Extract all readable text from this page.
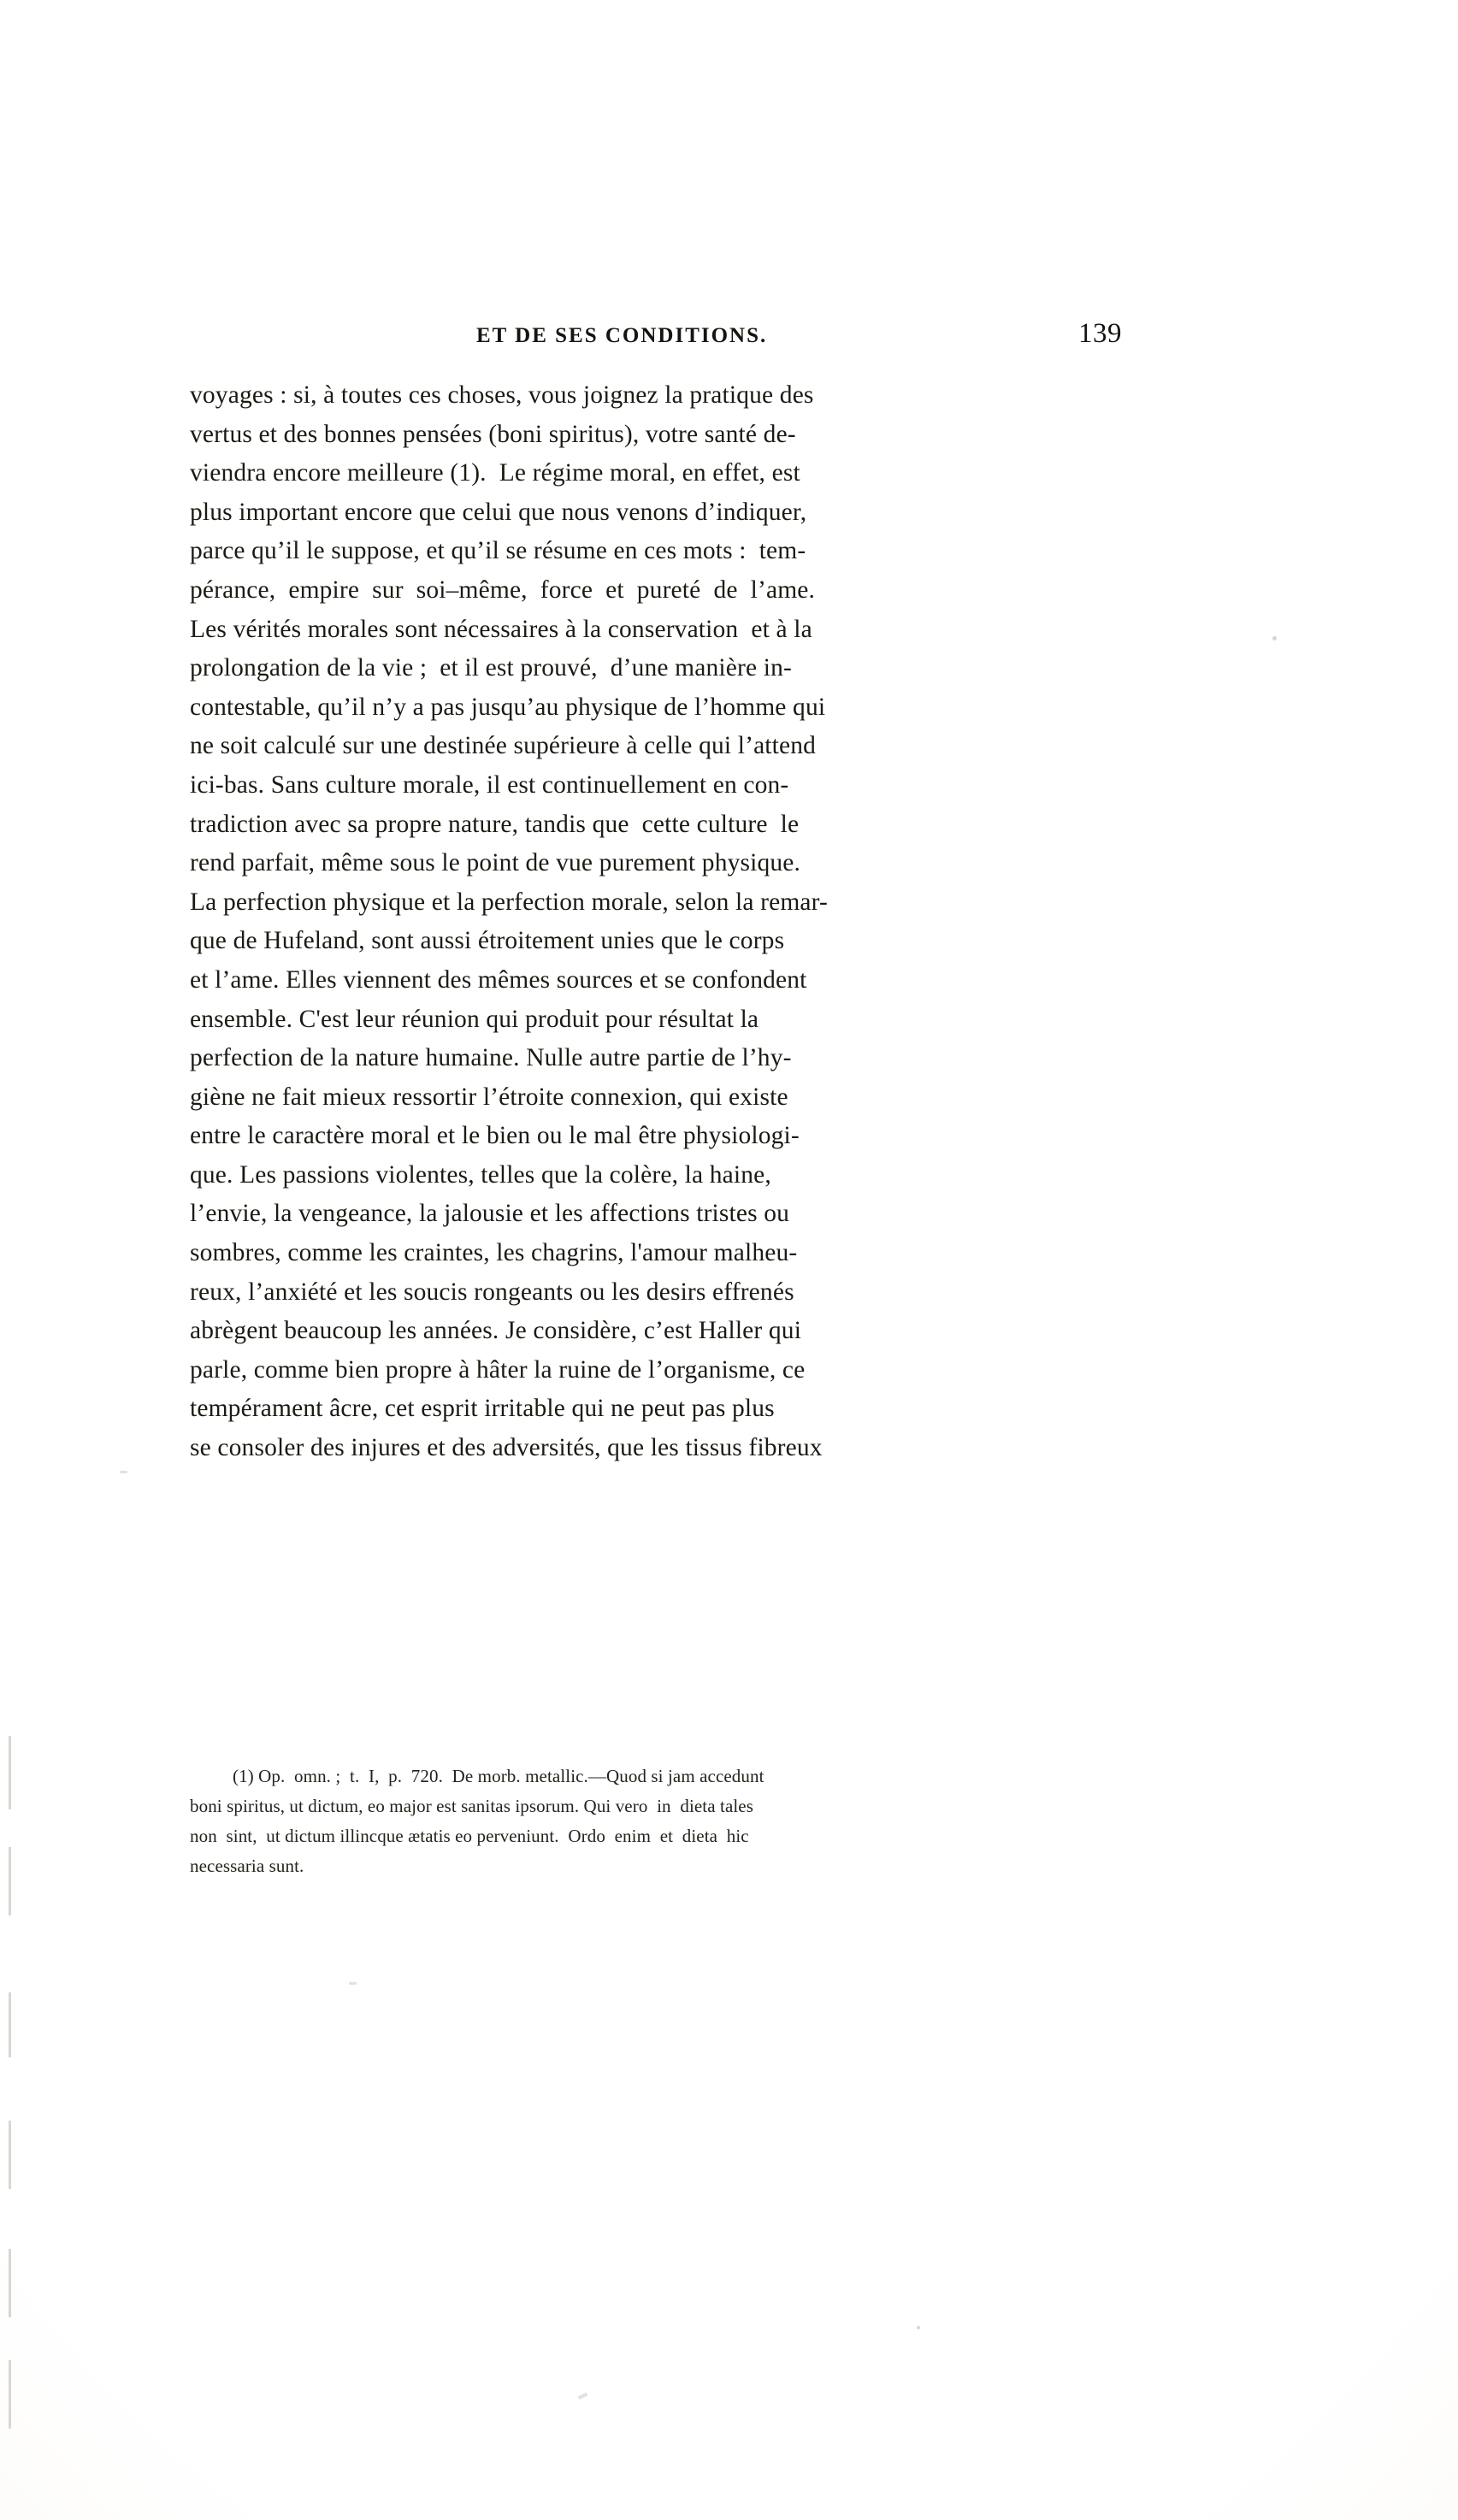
ET DE SES CONDITIONS.	139
voyages : si, à toutes ces choses, vous joignez la pratique des
vertus et des bonnes pensées (boni spiritus), votre santé de-
viendra encore meilleure (1).  Le régime moral, en effet, est
plus important encore que celui que nous venons d’indiquer,
parce qu’il le suppose, et qu’il se résume en ces mots :  tem-
pérance,  empire  sur  soi–même,  force  et  pureté  de  l’ame.
Les vérités morales sont nécessaires à la conservation  et à la
prolongation de la vie ;  et il est prouvé,  d’une manière in-
contestable, qu’il n’y a pas jusqu’au physique de l’homme qui
ne soit calculé sur une destinée supérieure à celle qui l’attend
ici-bas. Sans culture morale, il est continuellement en con-
tradiction avec sa propre nature, tandis que  cette culture  le
rend parfait, même sous le point de vue purement physique.
La perfection physique et la perfection morale, selon la remar-
que de Hufeland, sont aussi étroitement unies que le corps
et l’ame. Elles viennent des mêmes sources et se confondent
ensemble. C'est leur réunion qui produit pour résultat la
perfection de la nature humaine. Nulle autre partie de l’hy-
giène ne fait mieux ressortir l’étroite connexion, qui existe
entre le caractère moral et le bien ou le mal être physiologi-
que. Les passions violentes, telles que la colère, la haine,
l’envie, la vengeance, la jalousie et les affections tristes ou
sombres, comme les craintes, les chagrins, l'amour malheu-
reux, l’anxiété et les soucis rongeants ou les desirs effrenés
abrègent beaucoup les années. Je considère, c’est Haller qui
parle, comme bien propre à hâter la ruine de l’organisme, ce
tempérament âcre, cet esprit irritable qui ne peut pas plus
se consoler des injures et des adversités, que les tissus fibreux
(1) Op.  omn. ;  t.  I,  p.  720.  De morb. metallic.—Quod si jam accedunt
boni spiritus, ut dictum, eo major est sanitas ipsorum. Qui vero  in  dieta tales
non  sint,  ut dictum illincque ætatis eo perveniunt.  Ordo  enim  et  dieta  hic
necessaria sunt.
